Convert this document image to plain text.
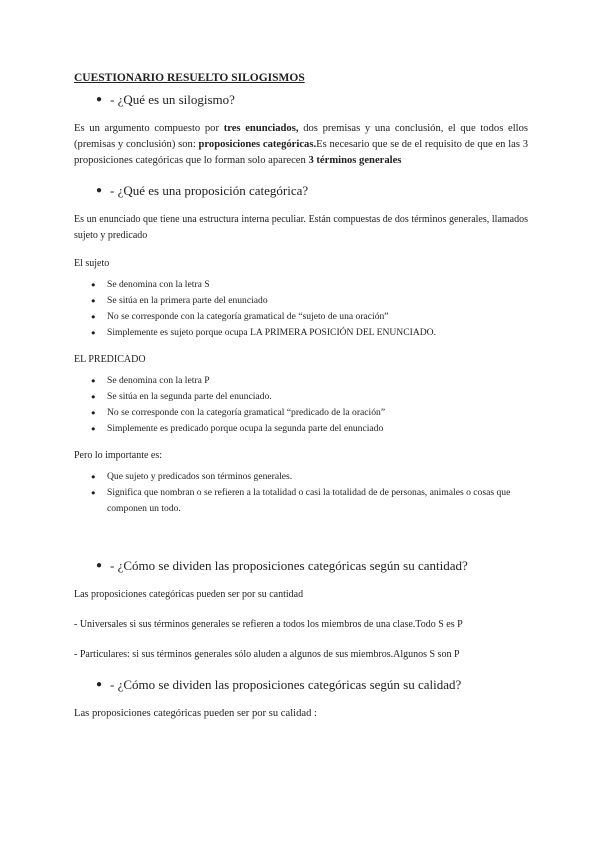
CUESTIONARIO RESUELTO SILOGISMOS
● - ¿Qué es un silogismo?

Es un argumento compuesto por tres enunciados, dos premisas y una conclusión, el que todos ellos (premisas y conclusión) son: proposiciones categóricas.Es necesario que se de el requisito de que en las 3 proposiciones categóricas que lo forman solo aparecen 3 términos generales

● - ¿Qué es una proposición categórica?

Es un enunciado que tiene una estructura interna peculiar. Están compuestas de dos términos generales, llamados sujeto y predicado

El sujeto
● Se denomina con la letra S
● Se sitúa en la primera parte del enunciado
● No se corresponde con la categoría gramatical de “sujeto de una oración”
● Simplemente es sujeto porque ocupa LA PRIMERA POSICIÓN DEL ENUNCIADO.
EL PREDICADO
● Se denomina con la letra P
● Se sitúa en la segunda parte del enunciado.
● No se corresponde con la categoría gramatical “predicado de la oración”
● Simplemente es predicado porque ocupa la segunda parte del enunciado
Pero lo importante es:
● Que sujeto y predicados son términos generales.
● Significa que nombran o se refieren a la totalidad o casi la totalidad de de personas, animales o cosas que componen un todo.
● - ¿Cómo se dividen las proposiciones categóricas según su cantidad?

Las proposiciones categóricas pueden ser por su cantidad

- Universales si sus términos generales se refieren a todos los miembros de una clase.Todo S es P

- Particulares: si sus términos generales sólo aluden a algunos de sus miembros.Algunos S son P

● - ¿Cómo se dividen las proposiciones categóricas según su calidad?

Las proposiciones categóricas pueden ser por su calidad :
